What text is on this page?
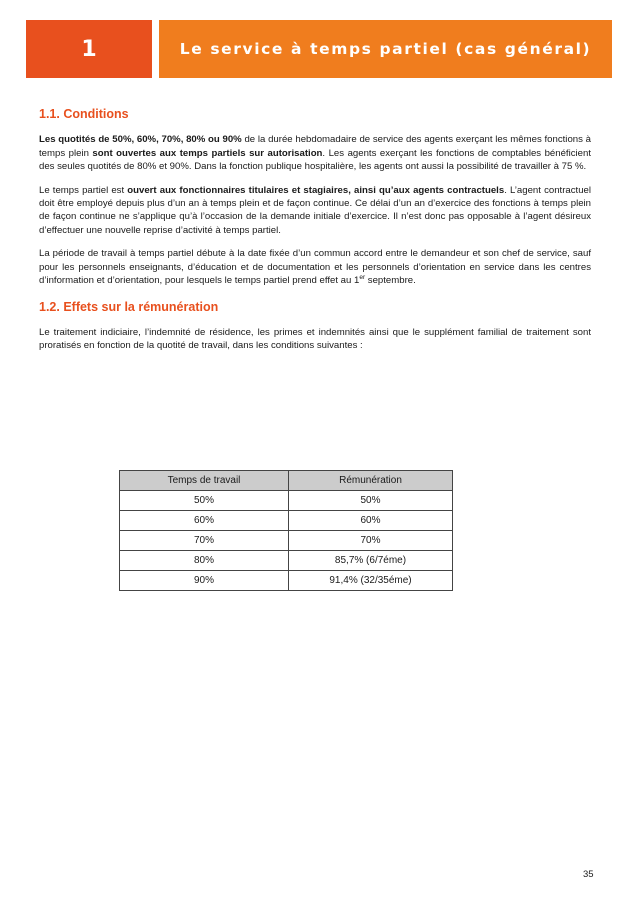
1	Le service à temps partiel (cas général)
1.1. Conditions

Les quotités de 50%, 60%, 70%, 80% ou 90% de la durée hebdomadaire de service des agents exerçant les mêmes fonctions à temps plein sont ouvertes aux temps partiels sur autorisation. Les agents exerçant les fonctions de comptables bénéficient des seules quotités de 80% et 90%. Dans la fonction publique hospitalière, les agents ont aussi la possibilité de travailler à 75 %.

Le temps partiel est ouvert aux fonctionnaires titulaires et stagiaires, ainsi qu’aux agents contractuels. L’agent contractuel doit être employé depuis plus d’un an à temps plein et de façon continue. Ce délai d’un an d’exercice des fonctions à temps plein de façon continue ne s’applique qu’à l’occasion de la demande initiale d’exercice. Il n’est donc pas opposable à l’agent désireux d’effectuer une nouvelle reprise d’activité à temps partiel.

La période de travail à temps partiel débute à la date fixée d’un commun accord entre le demandeur et son chef de service, sauf pour les personnels enseignants, d’éducation et de documentation et les personnels d’orientation en service dans les centres d’information et d’orientation, pour lesquels le temps partiel prend effet au 1er septembre.

1.2. Effets sur la rémunération

Le traitement indiciaire, l’indemnité de résidence, les primes et indemnités ainsi que le supplément familial de traitement sont proratisés en fonction de la quotité de travail, dans les conditions suivantes :

Temps de travail	Rémunération
50%	50%
60%	60%
70%	70%
80%	85,7% (6/7éme)
90%	91,4% (32/35éme)
35
